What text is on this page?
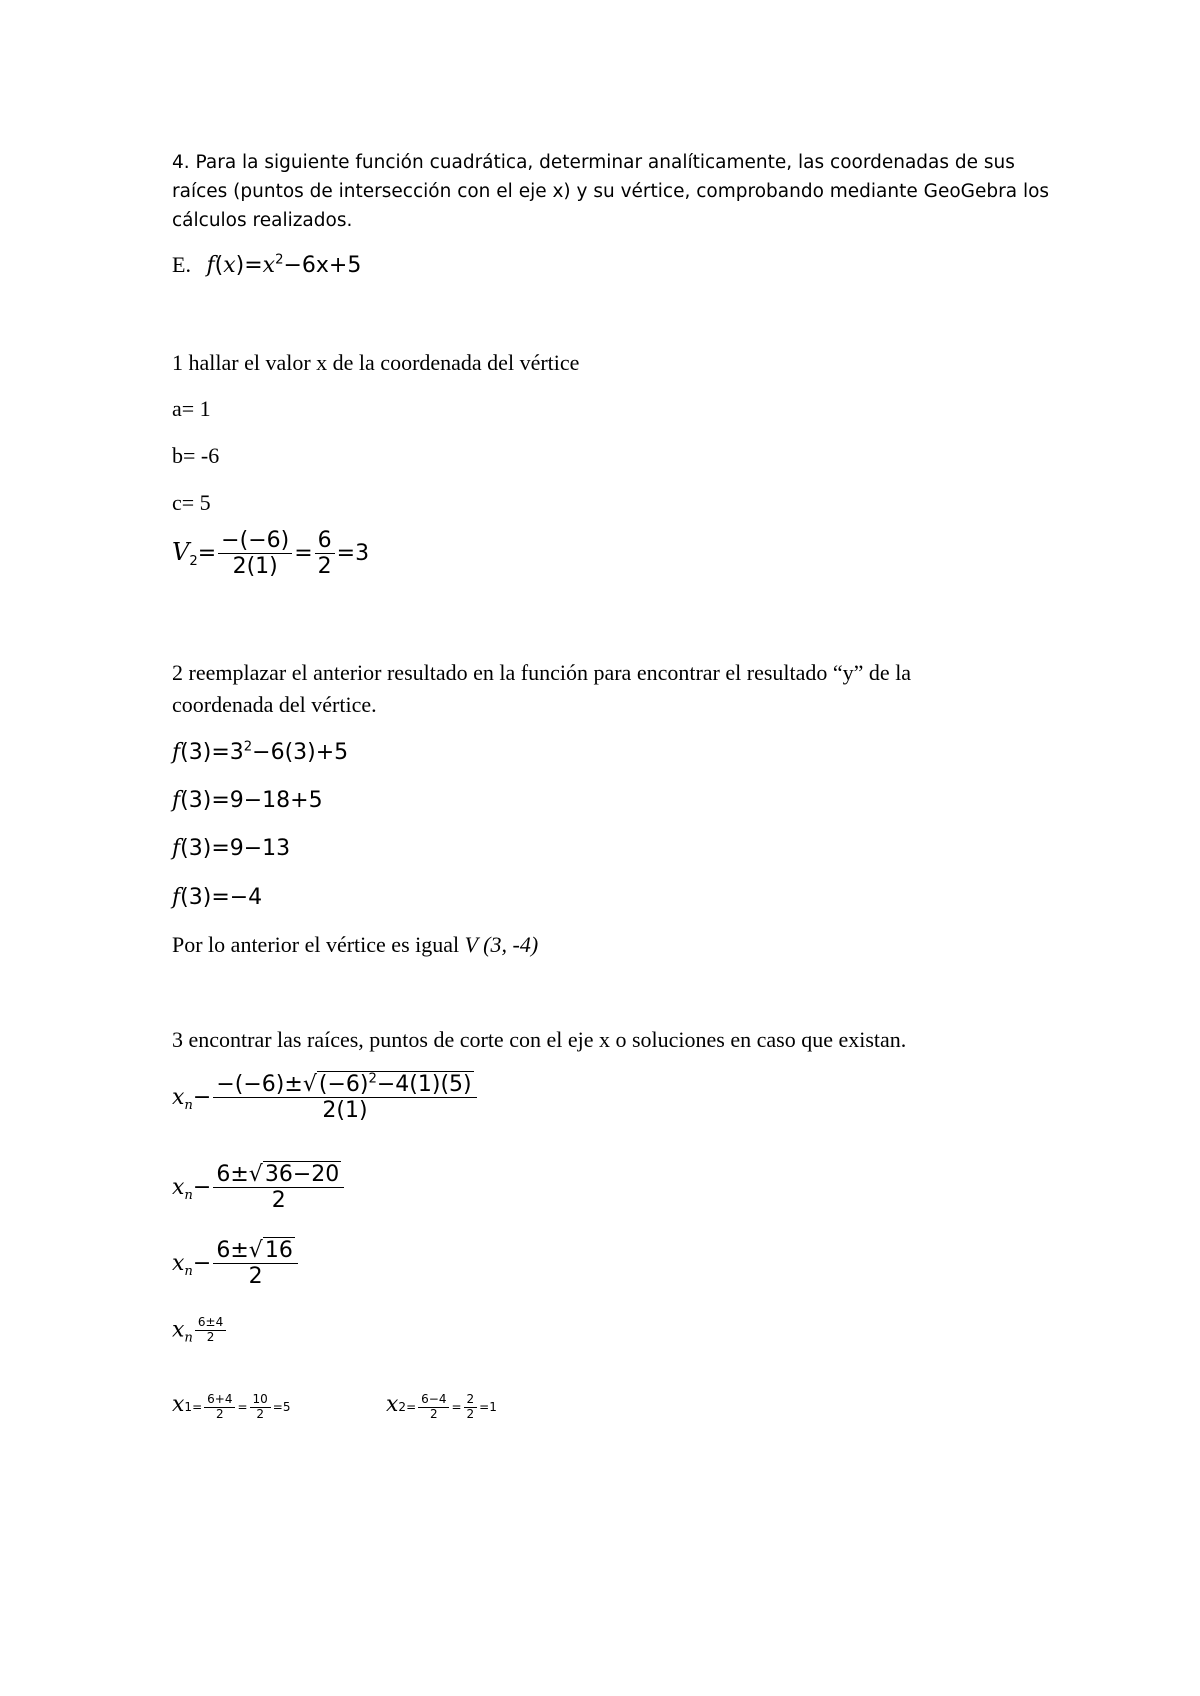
4. Para la siguiente función cuadrática, determinar analíticamente, las coordenadas de sus raíces (puntos de intersección con el eje x) y su vértice, comprobando mediante GeoGebra los cálculos realizados.
E. $f(x)=x^2-6x+5$
1 hallar el valor x de la coordenada del vértice
a= 1
b= -6
c= 5
$V_2= \frac{-(-6)}{2(1)} = \frac{6}{2} =3$
2 reemplazar el anterior resultado en la función para encontrar el resultado “y” de la
coordenada del vértice.
$f(3)=3^2-6(3)+5$
f(3)=9−18+5
f(3)=9−13
f(3)=−4
Por lo anterior el vértice es igual V (3, -4)
3 encontrar las raíces, puntos de corte con el eje x o soluciones en caso que existan.
$x_n- \frac{-(-6)\pm√(-6)^2-4(1)(5)}{2(1)}$
$x_n- \frac{6\pm√36-20}{2}$
$x_n- \frac{6\pm√16}{2}$
$x_n \frac{6\pm 4}{2}$
$x1= \frac{6+4}{2} = \frac{10}{2} =5$	$x2= \frac{6-4}{2} = \frac{2}{2} =1$
